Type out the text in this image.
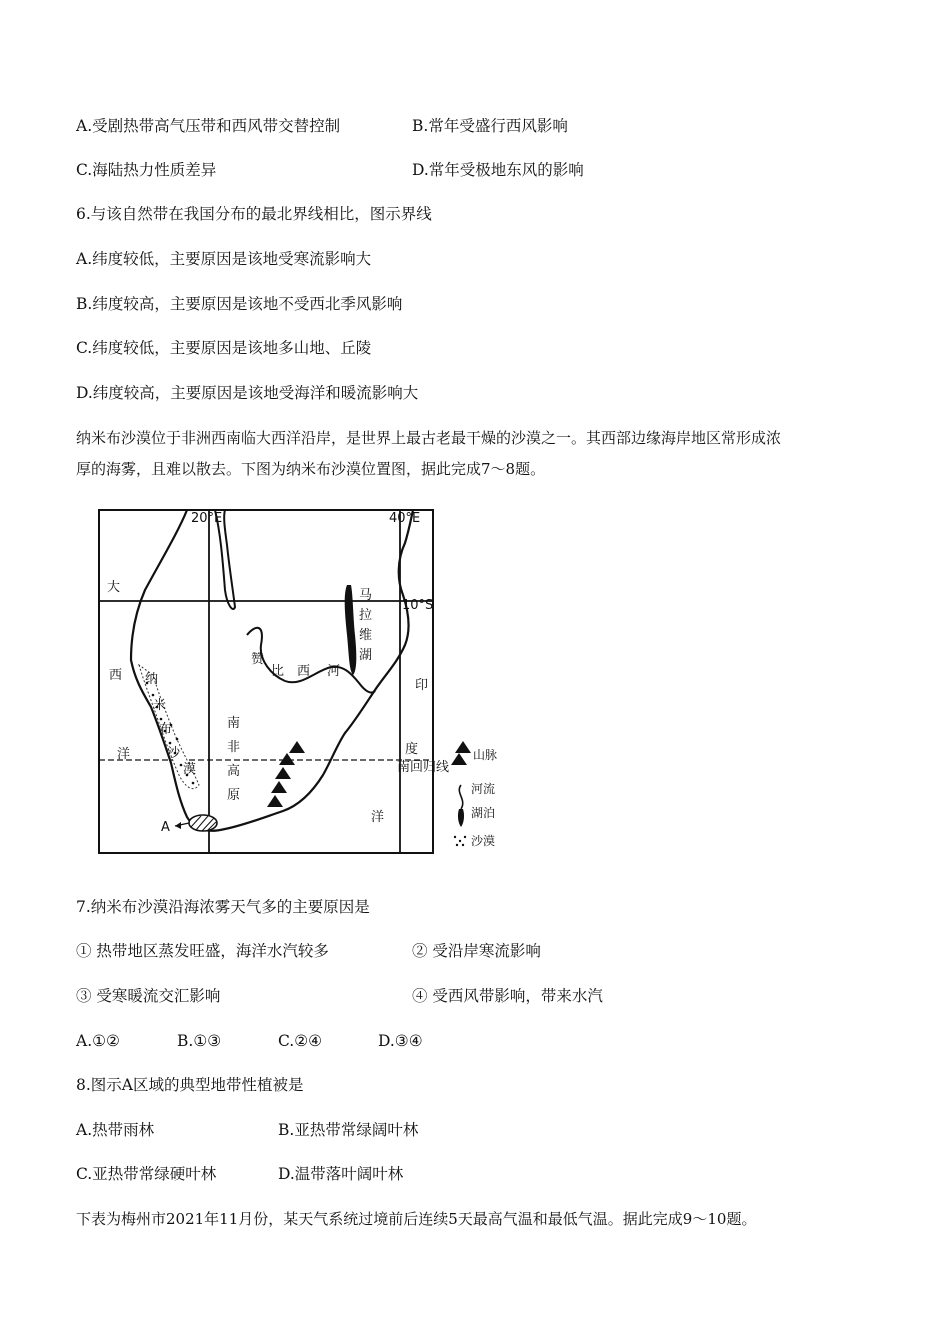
A.受剧热带高气压带和西风带交替控制	B.常年受盛行西风影响
C.海陆热力性质差异	D.常年受极地东风的影响
6.与该自然带在我国分布的最北界线相比，图示界线
A.纬度较低，主要原因是该地受寒流影响大
B.纬度较高，主要原因是该地不受西北季风影响
C.纬度较低，主要原因是该地多山地、丘陵
D.纬度较高，主要原因是该地受海洋和暖流影响大
纳米布沙漠位于非洲西南临大西洋沿岸，是世界上最古老最干燥的沙漠之一。其西部边缘海岸地区常形成浓
厚的海雾，且难以散去。下图为纳米布沙漠位置图，据此完成7～8题。
20°E	40°E
10°S
南回归线
大
西
洋
印
度
洋
纳
米
布
沙
漠
南
非
高
原
赞
比 西 河
马
拉
维
湖
A
山脉
河流
湖泊
沙漠
7.纳米布沙漠沿海浓雾天气多的主要原因是
① 热带地区蒸发旺盛，海洋水汽较多	② 受沿岸寒流影响
③ 受寒暖流交汇影响	④ 受西风带影响，带来水汽
A.①②	B.①③	C.②④	D.③④
8.图示A区域的典型地带性植被是
A.热带雨林	B.亚热带常绿阔叶林
C.亚热带常绿硬叶林	D.温带落叶阔叶林
下表为梅州市2021年11月份，某天气系统过境前后连续5天最高气温和最低气温。据此完成9～10题。
